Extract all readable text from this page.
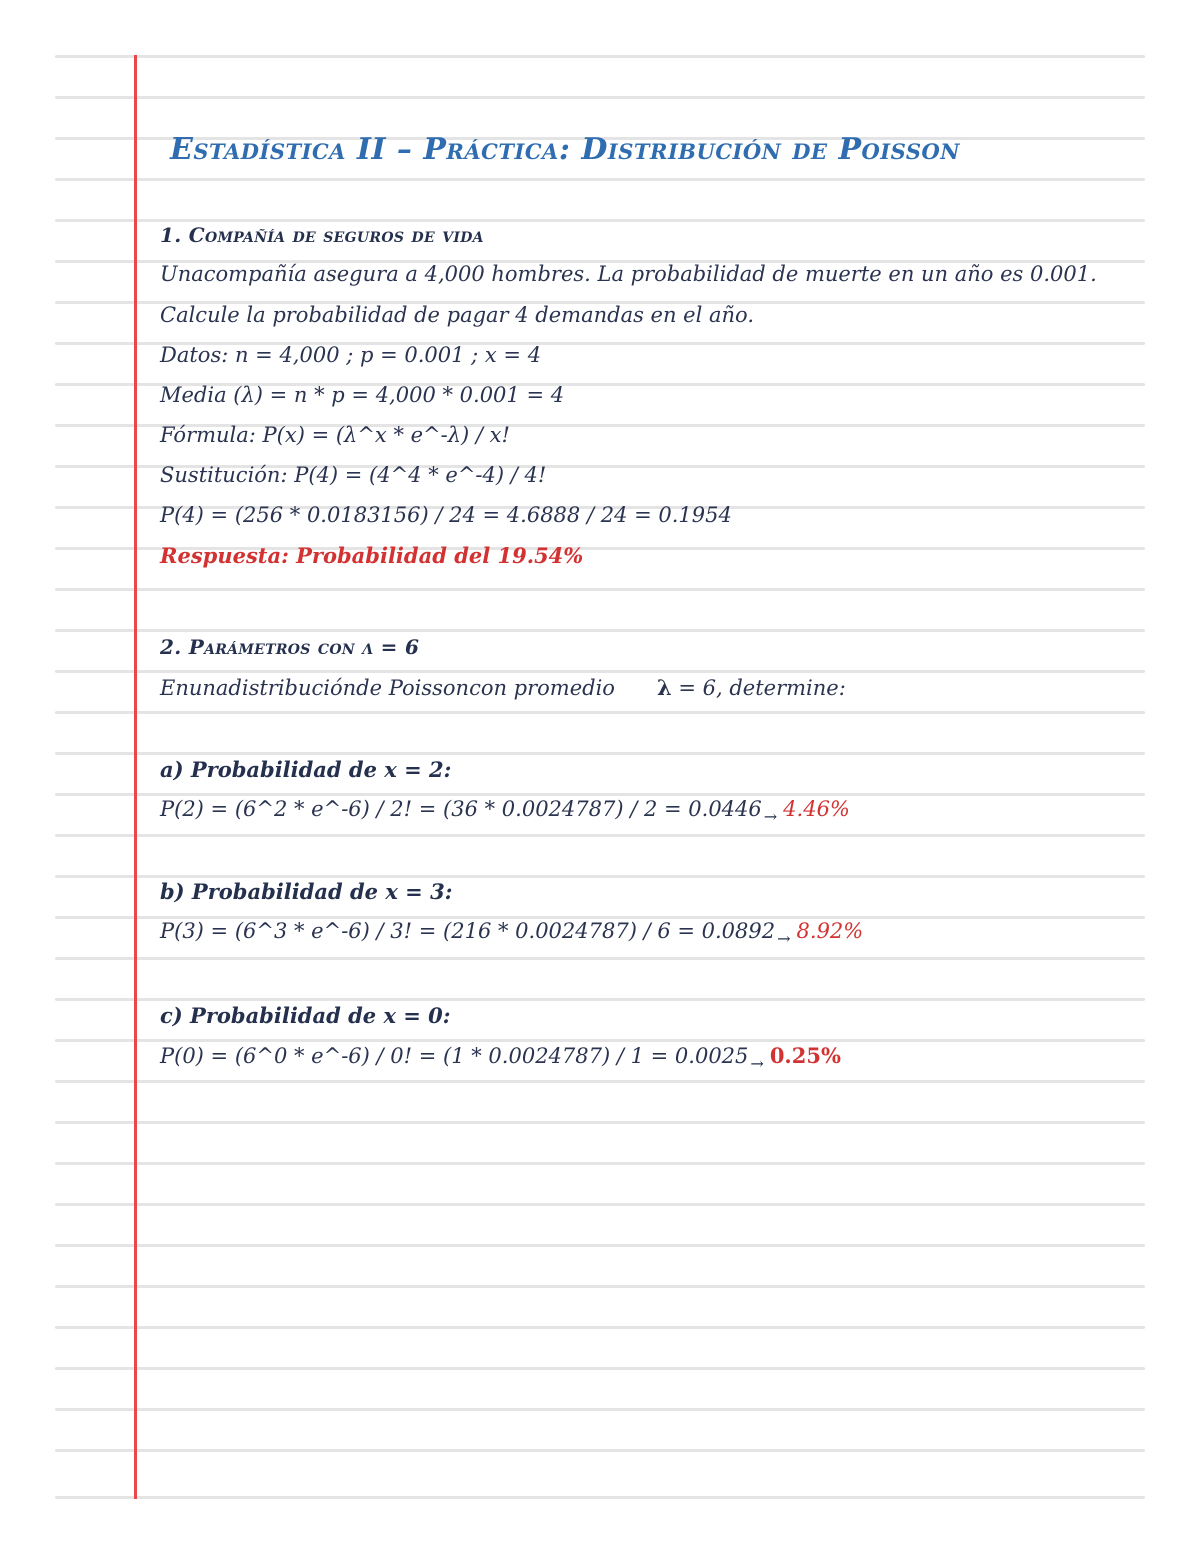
Estadística II – Práctica: Distribución de Poisson
1. Compañía de seguros de vida
Unacompañía asegura a 4,000 hombres. La probabilidad de muerte en un año es 0.001.
Calcule la probabilidad de pagar 4 demandas en el año.
Datos: n = 4,000 ; p = 0.001 ; x = 4
Media (λ) = n * p = 4,000 * 0.001 = 4
Fórmula: P(x) = (λ^x * e^-λ) / x!
Sustitución: P(4) = (4^4 * e^-4) / 4!
P(4) = (256 * 0.0183156) / 24 = 4.6888 / 24 = 0.1954
Respuesta: Probabilidad del 19.54%
2. Parámetros con λ = 6
Enunadistribuciónde Poissoncon promedio λ = 6, determine:
a) Probabilidad de x = 2:
P(2) = (6^2 * e^-6) / 2! = (36 * 0.0024787) / 2 = 0.0446 $_\to$ 4.46%
b) Probabilidad de x = 3:
P(3) = (6^3 * e^-6) / 3! = (216 * 0.0024787) / 6 = 0.0892 $_\to$ 8.92%
c) Probabilidad de x = 0:
P(0) = (6^0 * e^-6) / 0! = (1 * 0.0024787) / 1 = 0.0025 $_\to$ 0.25%
